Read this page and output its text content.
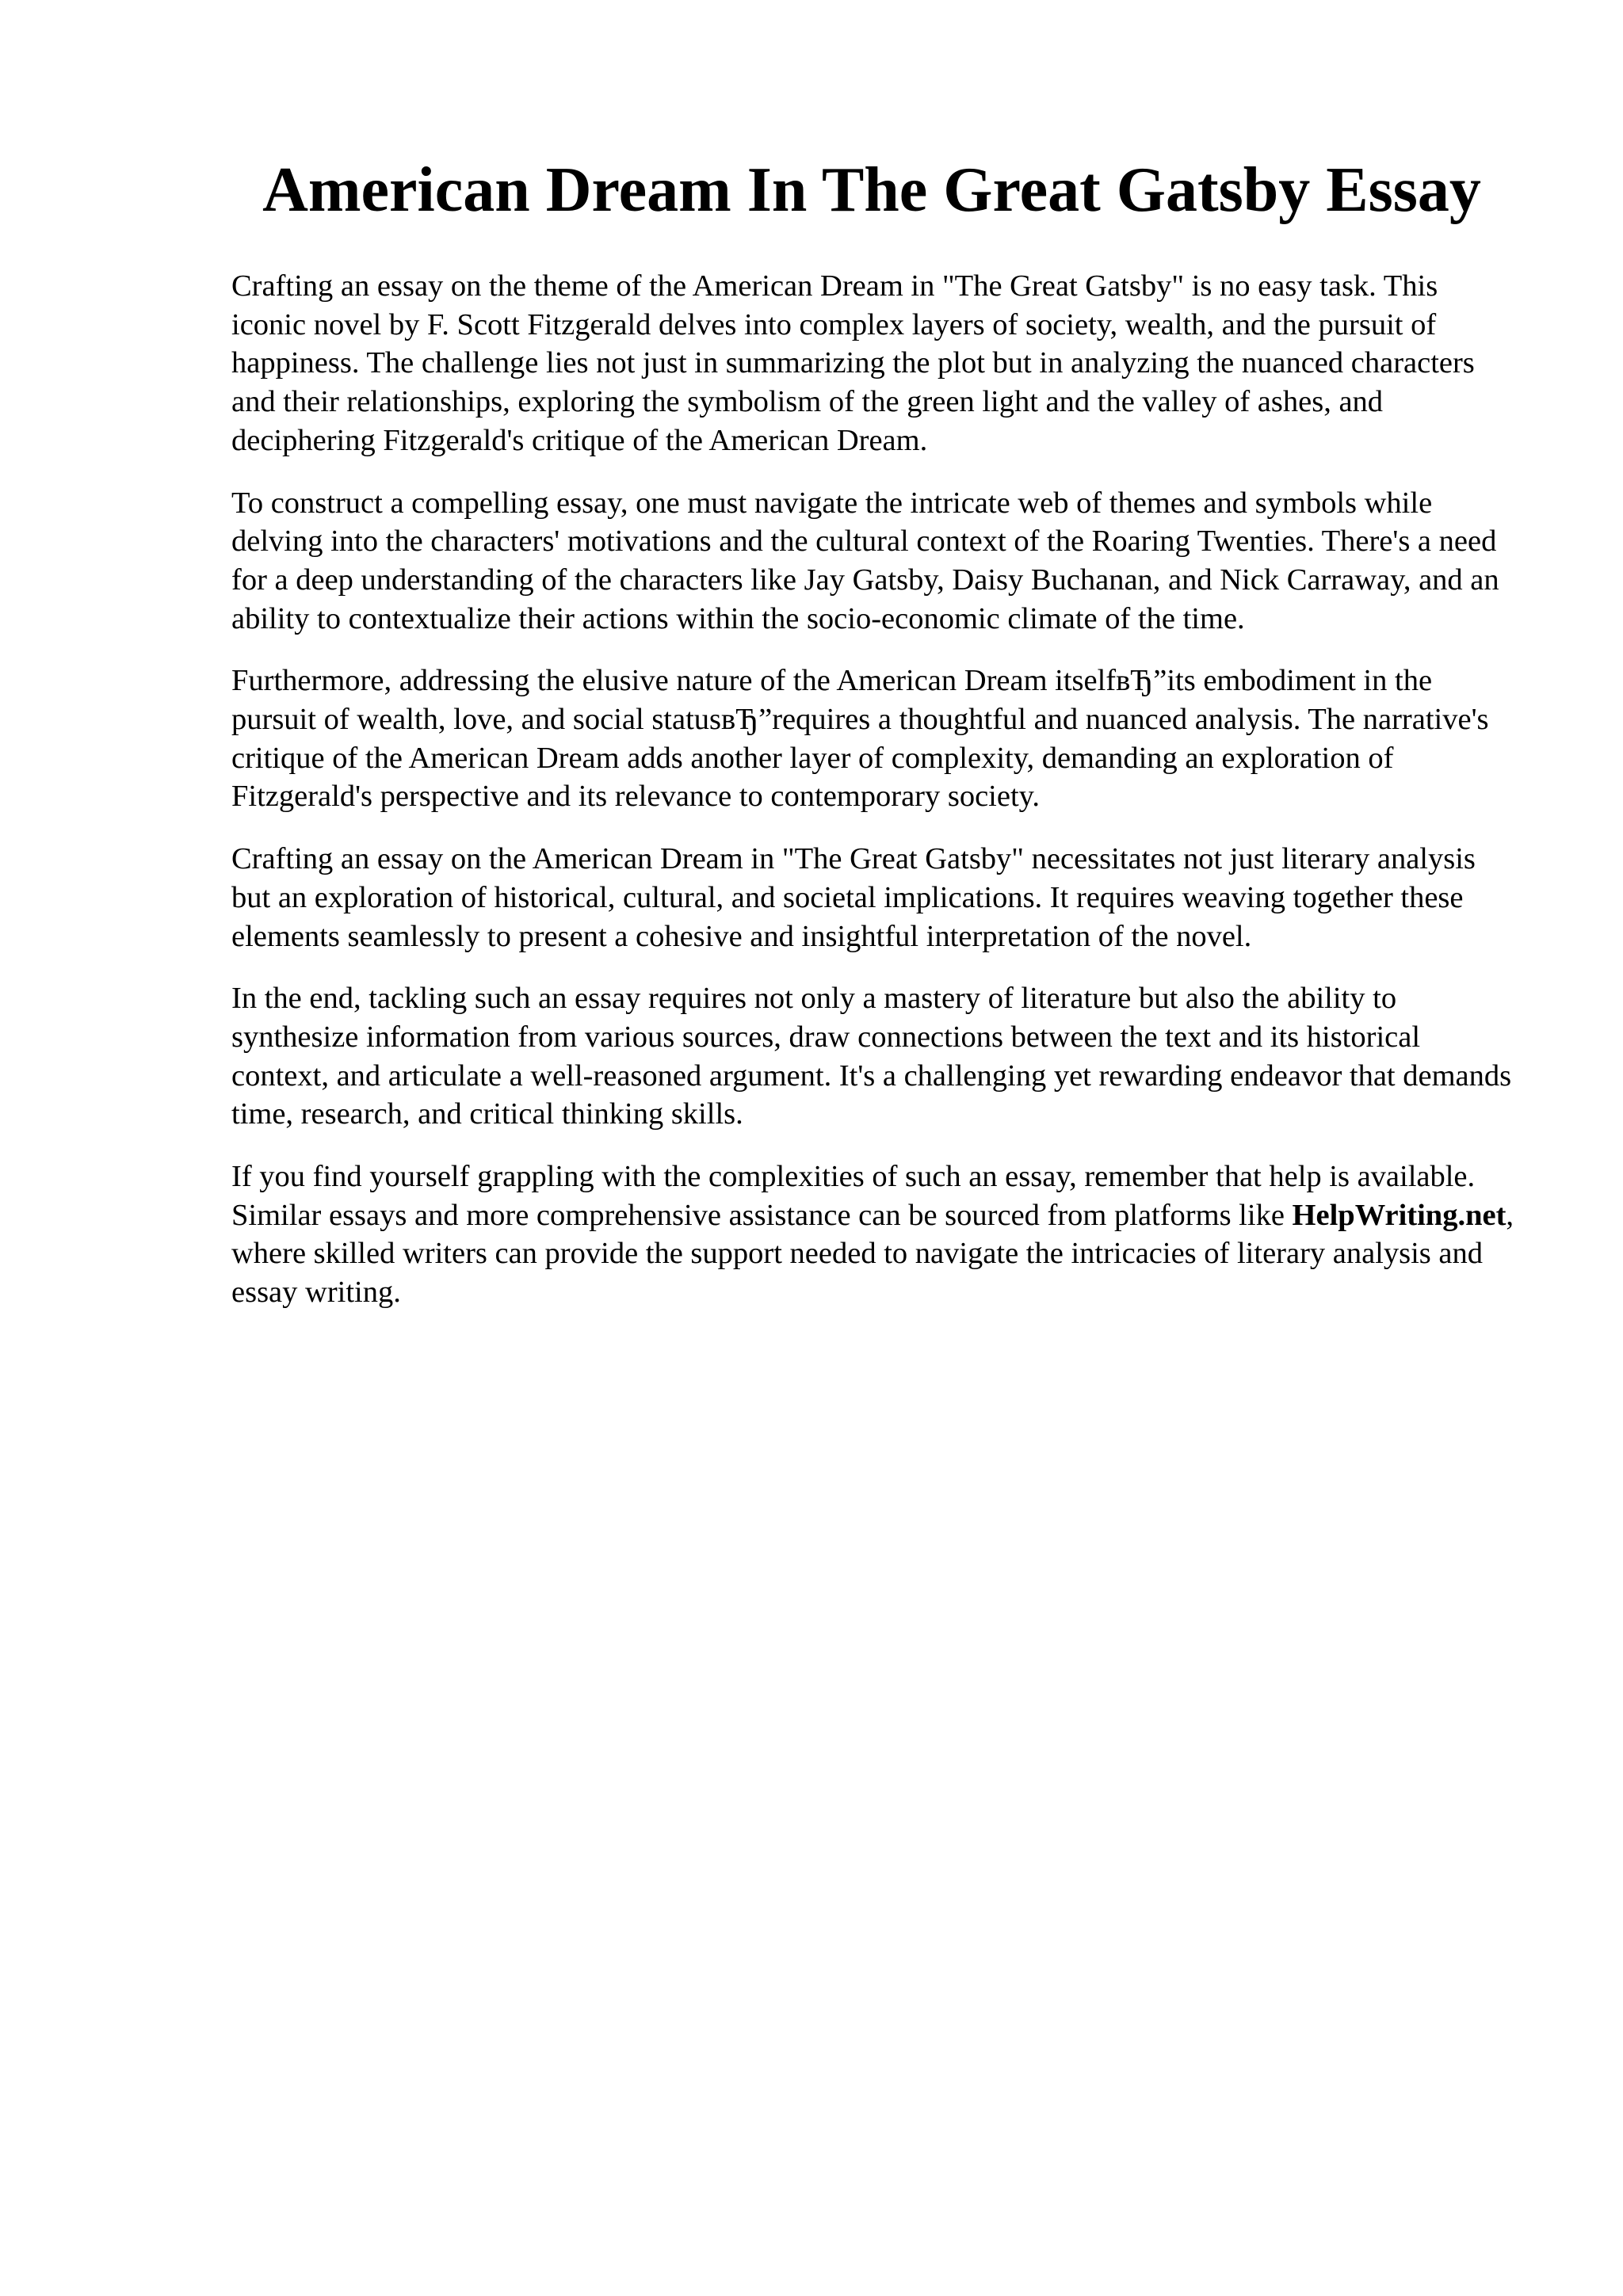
American Dream In The Great Gatsby Essay

Crafting an essay on the theme of the American Dream in "The Great Gatsby" is no easy task. This iconic novel by F. Scott Fitzgerald delves into complex layers of society, wealth, and the pursuit of happiness. The challenge lies not just in summarizing the plot but in analyzing the nuanced characters and their relationships, exploring the symbolism of the green light and the valley of ashes, and deciphering Fitzgerald's critique of the American Dream.

To construct a compelling essay, one must navigate the intricate web of themes and symbols while delving into the characters' motivations and the cultural context of the Roaring Twenties. There's a need for a deep understanding of the characters like Jay Gatsby, Daisy Buchanan, and Nick Carraway, and an ability to contextualize their actions within the socio-economic climate of the time.

Furthermore, addressing the elusive nature of the American Dream itselfвЂ”its embodiment in the pursuit of wealth, love, and social statusвЂ”requires a thoughtful and nuanced analysis. The narrative's critique of the American Dream adds another layer of complexity, demanding an exploration of Fitzgerald's perspective and its relevance to contemporary society.

Crafting an essay on the American Dream in "The Great Gatsby" necessitates not just literary analysis but an exploration of historical, cultural, and societal implications. It requires weaving together these elements seamlessly to present a cohesive and insightful interpretation of the novel.

In the end, tackling such an essay requires not only a mastery of literature but also the ability to synthesize information from various sources, draw connections between the text and its historical context, and articulate a well-reasoned argument. It's a challenging yet rewarding endeavor that demands time, research, and critical thinking skills.

If you find yourself grappling with the complexities of such an essay, remember that help is available. Similar essays and more comprehensive assistance can be sourced from platforms like HelpWriting.net, where skilled writers can provide the support needed to navigate the intricacies of literary analysis and essay writing.
